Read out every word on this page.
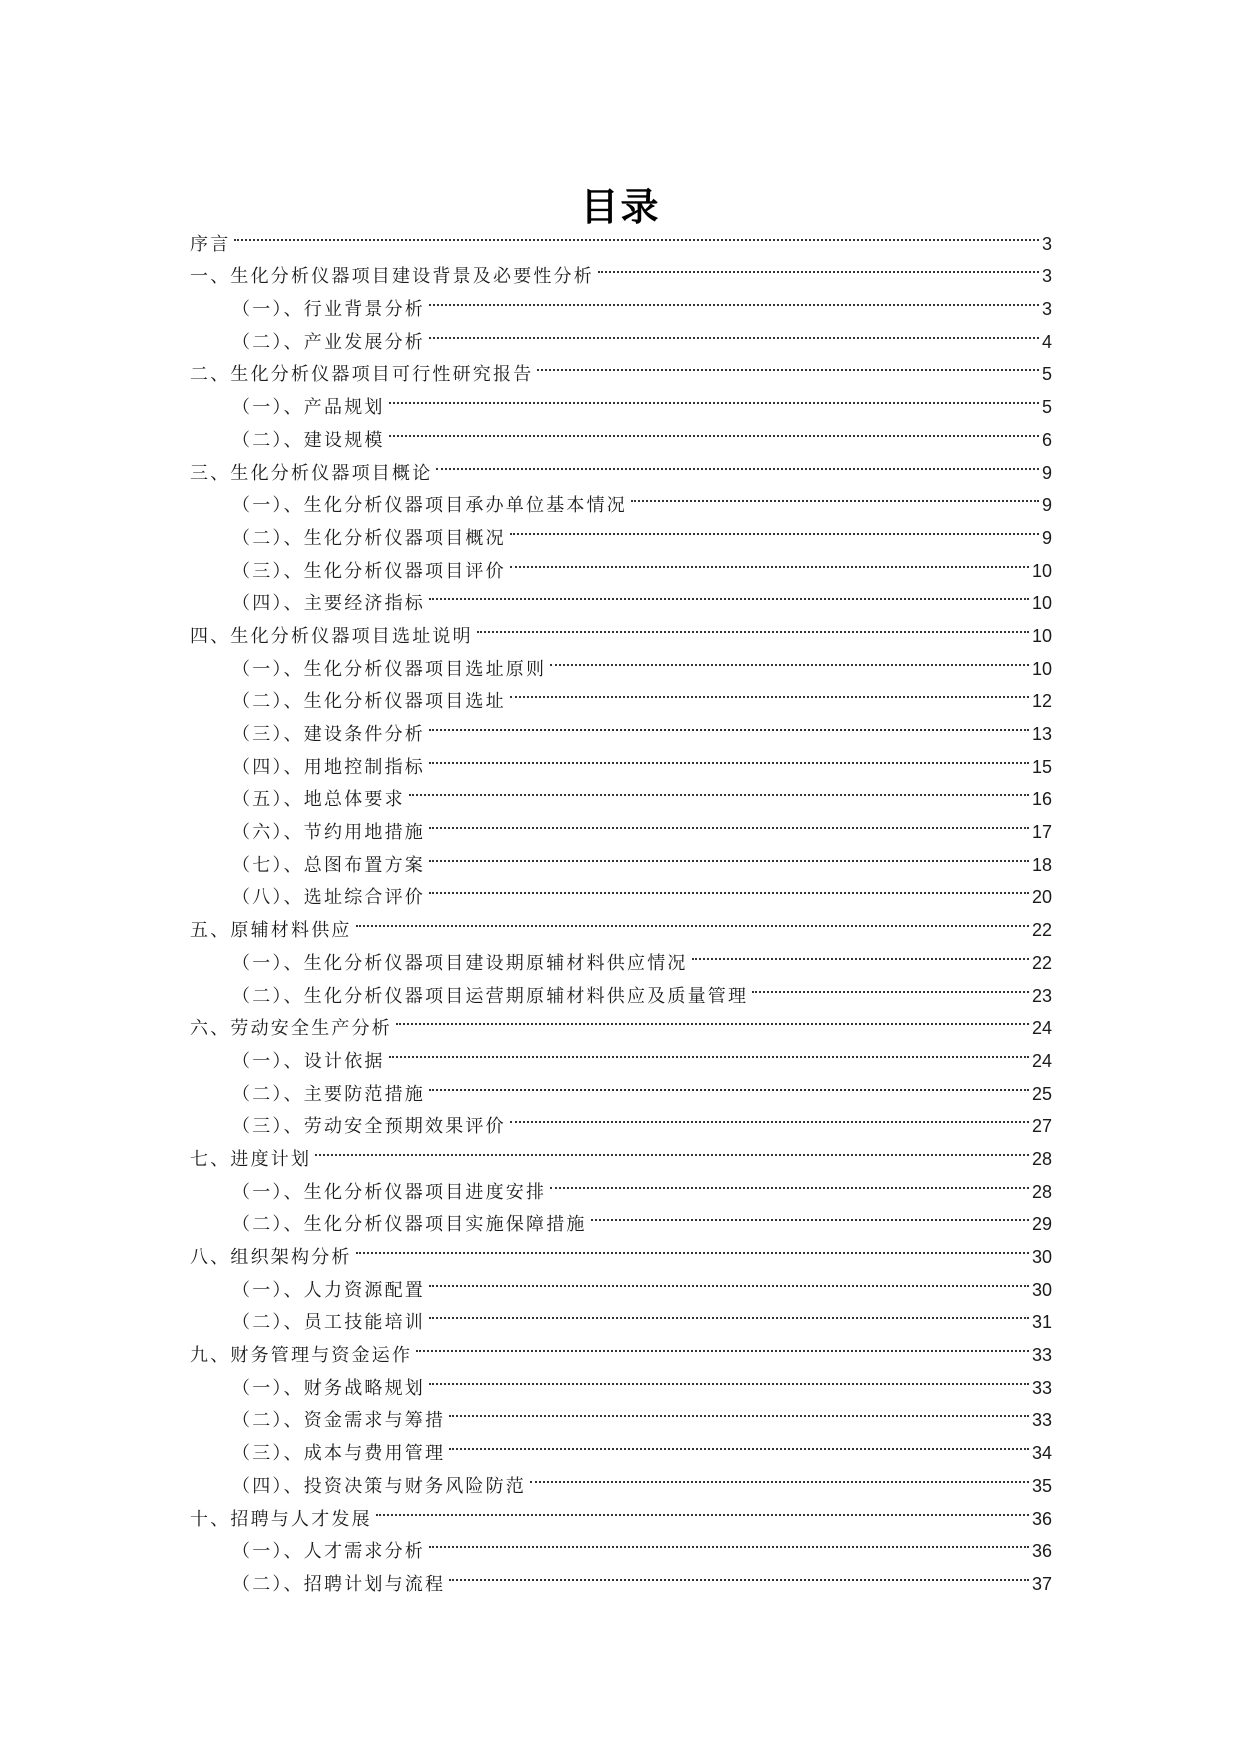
目录
序言	3
一、生化分析仪器项目建设背景及必要性分析	3
（一）、行业背景分析	3
（二）、产业发展分析	4
二、生化分析仪器项目可行性研究报告	5
（一）、产品规划	5
（二）、建设规模	6
三、生化分析仪器项目概论	9
（一）、生化分析仪器项目承办单位基本情况	9
（二）、生化分析仪器项目概况	9
（三）、生化分析仪器项目评价	10
（四）、主要经济指标	10
四、生化分析仪器项目选址说明	10
（一）、生化分析仪器项目选址原则	10
（二）、生化分析仪器项目选址	12
（三）、建设条件分析	13
（四）、用地控制指标	15
（五）、地总体要求	16
（六）、节约用地措施	17
（七）、总图布置方案	18
（八）、选址综合评价	20
五、原辅材料供应	22
（一）、生化分析仪器项目建设期原辅材料供应情况	22
（二）、生化分析仪器项目运营期原辅材料供应及质量管理	23
六、劳动安全生产分析	24
（一）、设计依据	24
（二）、主要防范措施	25
（三）、劳动安全预期效果评价	27
七、进度计划	28
（一）、生化分析仪器项目进度安排	28
（二）、生化分析仪器项目实施保障措施	29
八、组织架构分析	30
（一）、人力资源配置	30
（二）、员工技能培训	31
九、财务管理与资金运作	33
（一）、财务战略规划	33
（二）、资金需求与筹措	33
（三）、成本与费用管理	34
（四）、投资决策与财务风险防范	35
十、招聘与人才发展	36
（一）、人才需求分析	36
（二）、招聘计划与流程	37
